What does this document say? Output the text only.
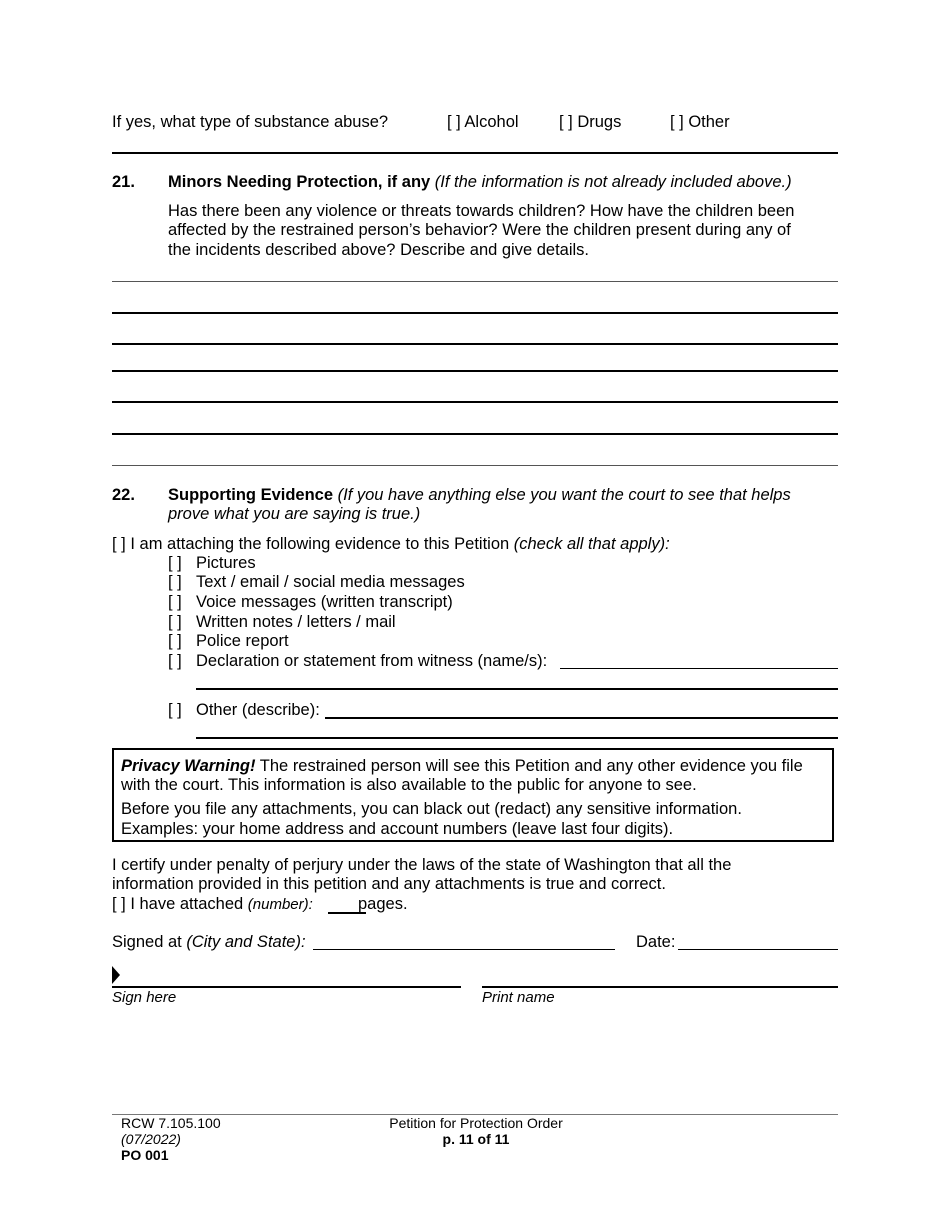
If yes, what type of substance abuse?	[ ] Alcohol [ ] Drugs	[ ] Other
21. Minors Needing Protection, if any (If the information is not already included above.)
Has there been any violence or threats towards children? How have the children been
affected by the restrained person’s behavior? Were the children present during any of
the incidents described above? Describe and give details.
22. Supporting Evidence (If you have anything else you want the court to see that helps
prove what you are saying is true.)
[ ] I am attaching the following evidence to this Petition (check all that apply):
[ ] Pictures
[ ] Text / email / social media messages
[ ] Voice messages (written transcript)
[ ] Written notes / letters / mail
[ ] Police report
[ ] Declaration or statement from witness (name/s):
[ ] Other (describe):
Privacy Warning! The restrained person will see this Petition and any other evidence you file
with the court. This information is also available to the public for anyone to see.
Before you file any attachments, you can black out (redact) any sensitive information.
Examples: your home address and account numbers (leave last four digits).
I certify under penalty of perjury under the laws of the state of Washington that all the
information provided in this petition and any attachments is true and correct.
[ ] I have attached (number):	pages.
Signed at (City and State):	Date:
Sign here	Print name
RCW 7.105.100
(07/2022)
PO 001
Petition for Protection Order
p. 11 of 11
